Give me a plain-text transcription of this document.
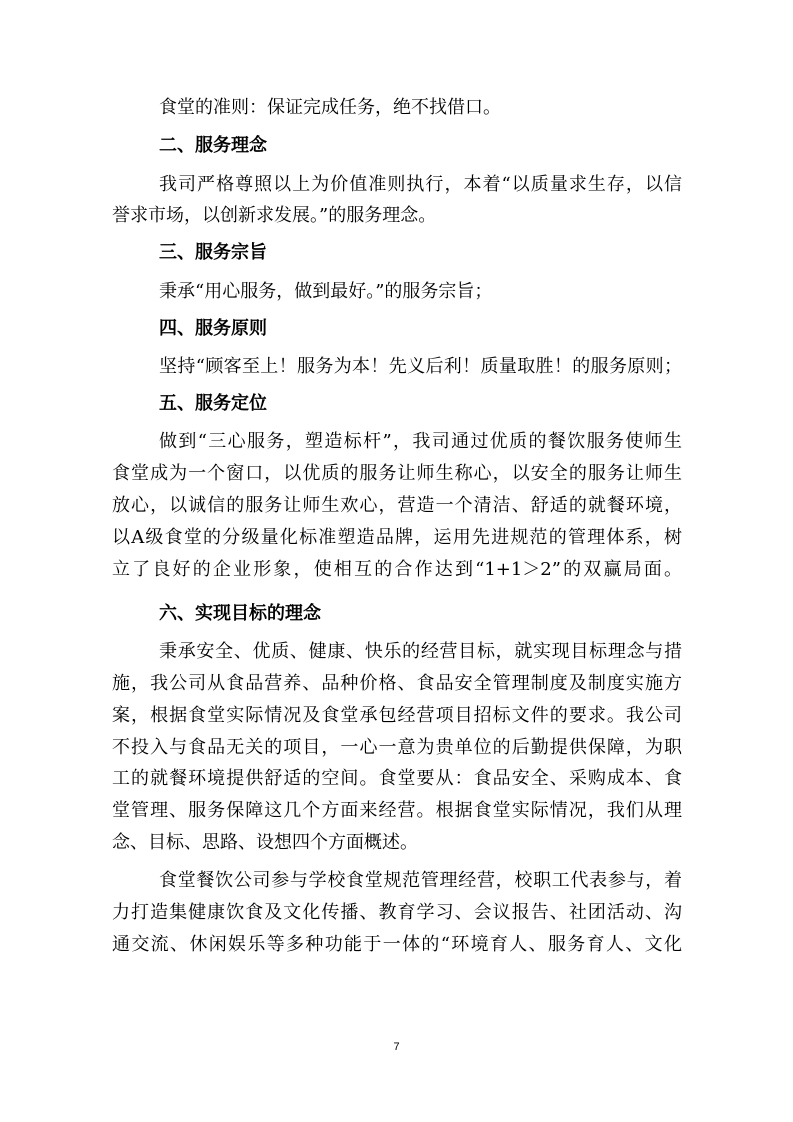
食堂的准则：保证完成任务，绝不找借口。
二、服务理念
我司严格尊照以上为价值准则执行，本着“以质量求生存，以信
誉求市场，以创新求发展。”的服务理念。
三、服务宗旨
秉承“用心服务，做到最好。”的服务宗旨；
四、服务原则
坚持“顾客至上！服务为本！先义后利！质量取胜！的服务原则；
五、服务定位
做到“三心服务，塑造标杆”，我司通过优质的餐饮服务使师生
食堂成为一个窗口，以优质的服务让师生称心，以安全的服务让师生
放心，以诚信的服务让师生欢心，营造一个清洁、舒适的就餐环境，
以A级食堂的分级量化标准塑造品牌，运用先进规范的管理体系，树
立了良好的企业形象，使相互的合作达到“1+1＞2”的双赢局面。
六、实现目标的理念
秉承安全、优质、健康、快乐的经营目标，就实现目标理念与措
施，我公司从食品营养、品种价格、食品安全管理制度及制度实施方
案，根据食堂实际情况及食堂承包经营项目招标文件的要求。我公司
不投入与食品无关的项目，一心一意为贵单位的后勤提供保障，为职
工的就餐环境提供舒适的空间。食堂要从：食品安全、采购成本、食
堂管理、服务保障这几个方面来经营。根据食堂实际情况，我们从理
念、目标、思路、设想四个方面概述。
食堂餐饮公司参与学校食堂规范管理经营，校职工代表参与，着
力打造集健康饮食及文化传播、教育学习、会议报告、社团活动、沟
通交流、休闲娱乐等多种功能于一体的“环境育人、服务育人、文化
7
